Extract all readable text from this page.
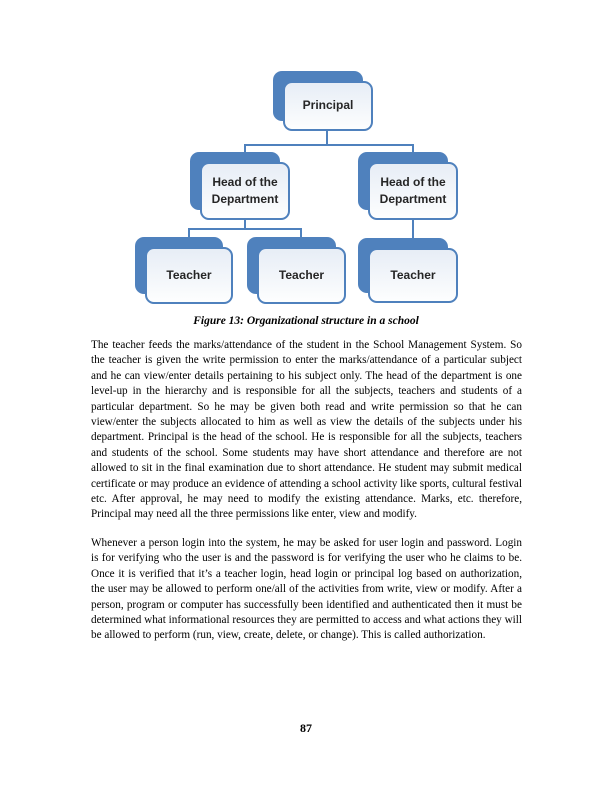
Principal
Head of the Department
Head of the Department
Teacher	Teacher	Teacher
Figure 13: Organizational structure in a school

The teacher feeds the marks/attendance of the student in the School Management System. So the teacher is given the write permission to enter the marks/attendance of a particular subject and he can view/enter details pertaining to his subject only. The head of the department is one level-up in the hierarchy and is responsible for all the subjects, teachers and students of a particular department. So he may be given both read and write permission so that he can view/enter the subjects allocated to him as well as view the details of the subjects under his department. Principal is the head of the school. He is responsible for all the subjects, teachers and students of the school. Some students may have short attendance and therefore are not allowed to sit in the final examination due to short attendance. He student may submit medical certificate or may produce an evidence of attending a school activity like sports, cultural festival etc. After approval, he may need to modify the existing attendance. Marks, etc. therefore, Principal may need all the three permissions like enter, view and modify.

Whenever a person login into the system, he may be asked for user login and password. Login is for verifying who the user is and the password is for verifying the user who he claims to be. Once it is verified that it’s a teacher login, head login or principal log based on authorization, the user may be allowed to perform one/all of the activities from write, view or modify. After a person, program or computer has successfully been identified and authenticated then it must be determined what informational resources they are permitted to access and what actions they will be allowed to perform (run, view, create, delete, or change). This is called authorization.

87
